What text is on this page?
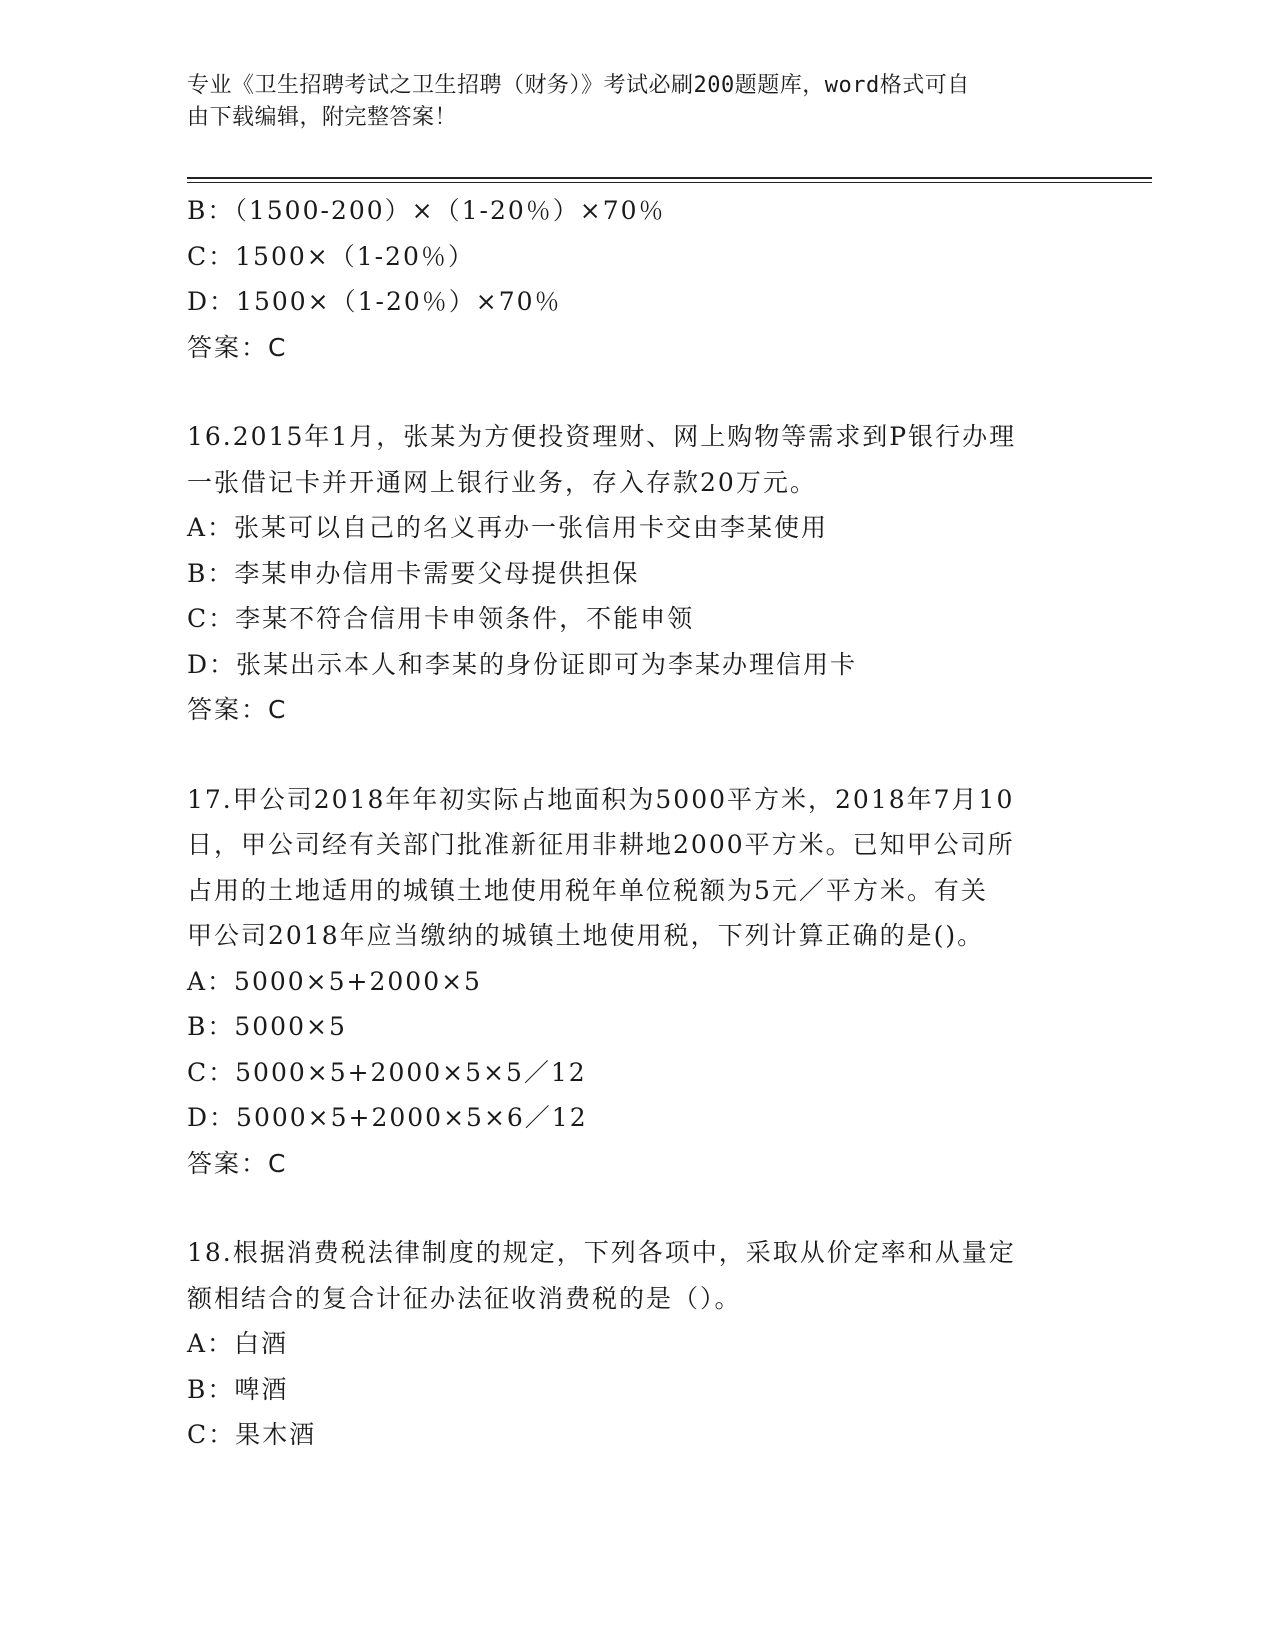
专业《卫生招聘考试之卫生招聘（财务）》考试必刷200题题库，word格式可自
由下载编辑，附完整答案！
B：（1500-200）×（1-20％）×70％
C：1500×（1-20％）
D：1500×（1-20％）×70％
答案：C
16.2015年1月，张某为方便投资理财、网上购物等需求到P银行办理
一张借记卡并开通网上银行业务，存入存款20万元。
A：张某可以自己的名义再办一张信用卡交由李某使用
B：李某申办信用卡需要父母提供担保
C：李某不符合信用卡申领条件，不能申领
D：张某出示本人和李某的身份证即可为李某办理信用卡
答案：C
17.甲公司2018年年初实际占地面积为5000平方米，2018年7月10
日，甲公司经有关部门批准新征用非耕地2000平方米。已知甲公司所
占用的土地适用的城镇土地使用税年单位税额为5元／平方米。有关
甲公司2018年应当缴纳的城镇土地使用税，下列计算正确的是()。
A：5000×5+2000×5
B：5000×5
C：5000×5+2000×5×5／12
D：5000×5+2000×5×6／12
答案：C
18.根据消费税法律制度的规定，下列各项中，采取从价定率和从量定
额相结合的复合计征办法征收消费税的是（）。
A：白酒
B：啤酒
C：果木酒
